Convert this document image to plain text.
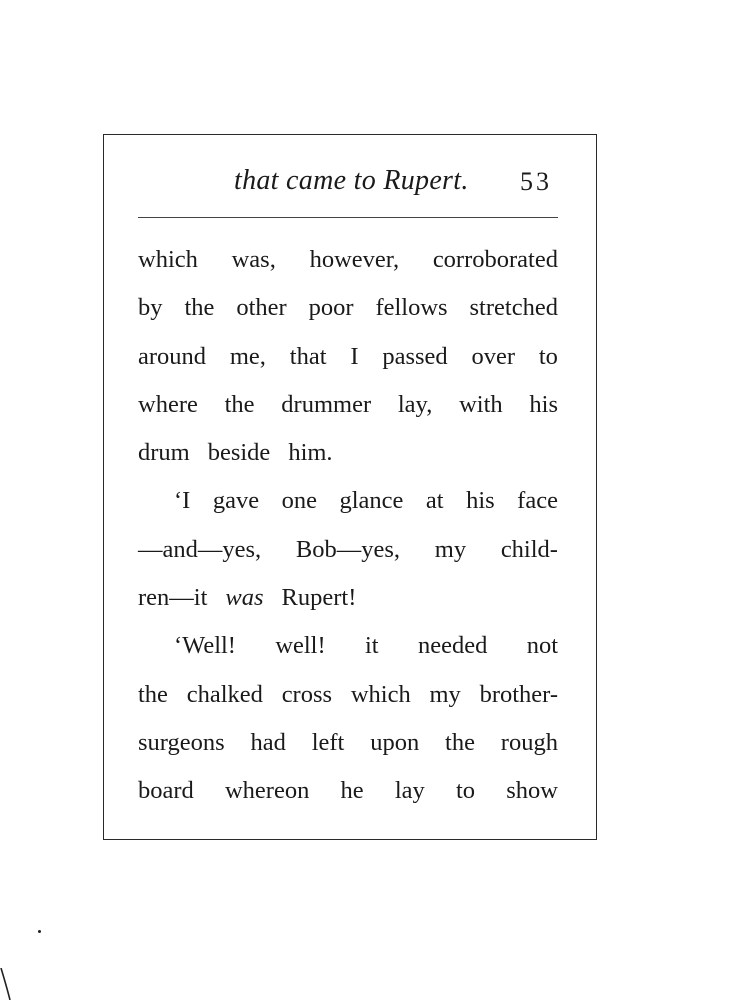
that came to Rupert. 53
which was, however, corroborated
by the other poor fellows stretched
around me, that I passed over to
where the drummer lay, with his
drum beside him.
‘I gave one glance at his face
—and—yes, Bob—yes, my child-
ren—it was Rupert!
‘Well! well! it needed not
the chalked cross which my brother-
surgeons had left upon the rough
board whereon he lay to show
